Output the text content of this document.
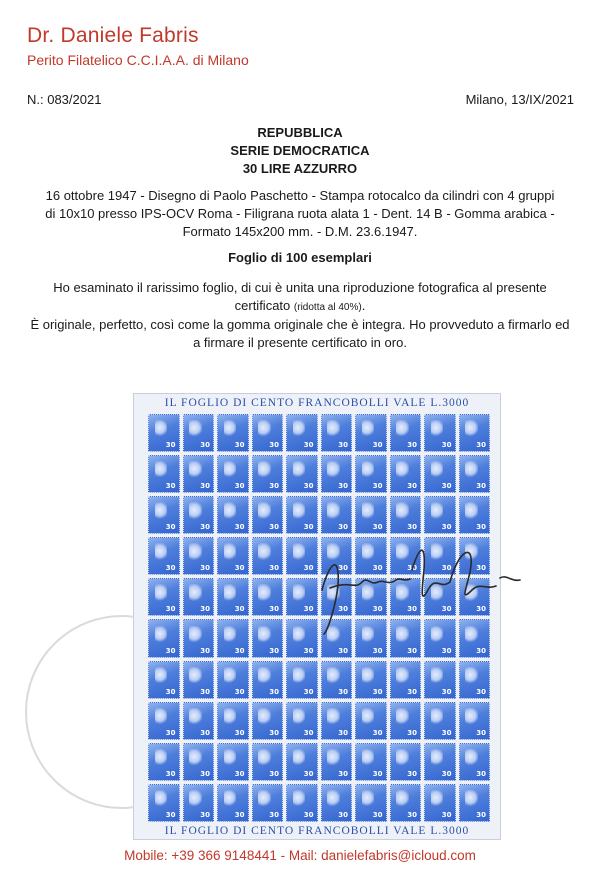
Dr. Daniele Fabris
Perito Filatelico C.C.I.A.A. di Milano
N.: 083/2021	Milano, 13/IX/2021
REPUBBLICA
SERIE DEMOCRATICA
30 LIRE AZZURRO
16 ottobre 1947 - Disegno di Paolo Paschetto - Stampa rotocalco da cilindri con 4 gruppi di 10x10 presso IPS-OCV Roma - Filigrana ruota alata 1 - Dent. 14 B - Gomma arabica - Formato 145x200 mm. - D.M. 23.6.1947.
Foglio di 100 esemplari
Ho esaminato il rarissimo foglio, di cui è unita una riproduzione fotografica al presente certificato (ridotta al 40%).
È originale, perfetto, così come la gomma originale che è integra. Ho provveduto a firmarlo ed a firmare il presente certificato in oro.
IL FOGLIO DI CENTO FRANCOBOLLI VALE L.3000
30	30	30	30	30	30	30	30	30	30
30	30	30	30	30	30	30	30	30	30
30	30	30	30	30	30	30	30	30	30
30	30	30	30	30	30	30	30	30	30
30	30	30	30	30	30	30	30	30	30
30	30	30	30	30	30	30	30	30	30
30	30	30	30	30	30	30	30	30	30
30	30	30	30	30	30	30	30	30	30
30	30	30	30	30	30	30	30	30	30
30	30	30	30	30	30	30	30	30	30
IL FOGLIO DI CENTO FRANCOBOLLI VALE L.3000
Mobile: +39 366 9148441 - Mail: danielefabris@icloud.com
